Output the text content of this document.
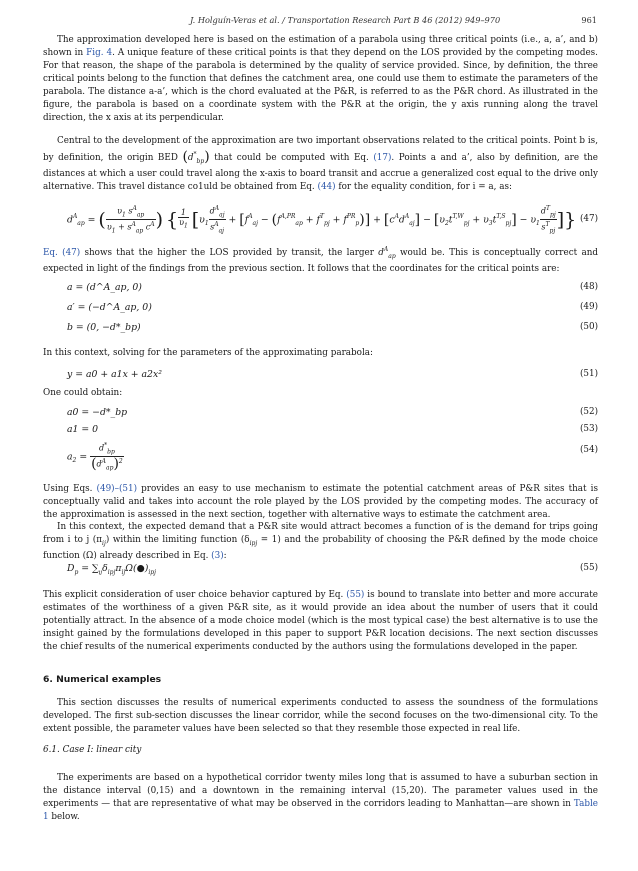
J. Holguín-Veras et al. / Transportation Research Part B 46 (2012) 949–970	961

The approximation developed here is based on the estimation of a parabola using three critical points (i.e., a, a’, and b) shown in Fig. 4. A unique feature of these critical points is that they depend on the LOS provided by the competing modes. For that reason, the shape of the parabola is determined by the quality of service provided. Since, by definition, the three critical points belong to the function that defines the catchment area, one could use them to estimate the parameters of the parabola. The distance a-a’, which is the chord evaluated at the P&R, is referred to as the P&R chord. As illustrated in the figure, the parabola is based on a coordinate system with the P&R at the origin, the y axis running along the travel direction, the x axis at its perpendicular.

Central to the development of the approximation are two important observations related to the critical points. Point b is, by definition, the origin BED $(d^*_{bp})$ that could be computed with Eq. (17). Points a and a’, also by definition, are the distances at which a user could travel along the x-axis to board transit and accrue a generalized cost equal to the drive only alternative. This travel distance co1uld be obtained from Eq. (44) for the equality condition, for i = a, as:

$d^A_{ap}$ = ( $\frac{\upsilon_1 s^A_{ap}}{\upsilon_1 + s^A_{ap} c^A}$ ) { $\frac{1}{\upsilon_1} [\upsilon_1 \frac{d^A_{aj}}{s^A_{aj}} + [f^A_{aj} - (f^{A,PR}_{ap} + f^T_{pj} + f^{PR}_p)] + [c^Ad^A_{aj}] - [\upsilon_2t^{T,W}_{pj} + \upsilon_3t^{T,S}_{pj}] - \upsilon_1 \frac{d^T_{pj}}{s^T_{pj}}$ ]} (47)

Eq. (47) shows that the higher the LOS provided by transit, the larger $d^A_{ap}$ would be. This is conceptually correct and expected in light of the findings from the previous section. It follows that the coordinates for the critical points are:

a = (d^A_ap, 0)	(48)
a′ = (−d^A_ap, 0)	(49)
b = (0, −d*_bp)	(50)

In this context, solving for the parameters of the approximating parabola:

y = a0 + a1x + a2x²	(51)

One could obtain:

a0 = −d*_bp	(52)
a1 = 0	(53)
$a_2 = \frac{d^*_{bp}}{(d^A_{ap})^2}$	(54)

Using Eqs. (49)–(51) provides an easy to use mechanism to estimate the potential catchment areas of P&R sites that is conceptually valid and takes into account the role played by the LOS provided by the competing modes. The accuracy of the approximation is assessed in the next section, together with alternative ways to estimate the catchment area.

In this context, the expected demand that a P&R site would attract becomes a function of is the demand for trips going from i to j $(\pi_{ij})$ within the limiting function $(\delta_{ipj} = 1)$ and the probability of choosing the P&R defined by the mode choice function (Ω) already described in Eq. (3):

$D_p$ = $\sum_{ij}\delta_{ipj}\pi_{ij}\Omega(●)_{ipj}$	(55)

This explicit consideration of user choice behavior captured by Eq. (55) is bound to translate into better and more accurate estimates of the worthiness of a given P&R site, as it would provide an idea about the number of users that it could potentially attract. In the absence of a mode choice model (which is the most typical case) the best alternative is to use the insight gained by the formulations developed in this paper to support P&R location decisions. The next section discusses the chief results of the numerical experiments conducted by the authors using the formulations developed in the paper.

6. Numerical examples

This section discusses the results of numerical experiments conducted to assess the soundness of the formulations developed. The first sub-section discusses the linear corridor, while the second focuses on the two-dimensional city. To the extent possible, the parameter values have been selected so that they resemble those expected in real life.

6.1. Case I: linear city

The experiments are based on a hypothetical corridor twenty miles long that is assumed to have a suburban section in the distance interval (0,15) and a downtown in the remaining interval (15,20). The parameter values used in the experiments — that are representative of what may be observed in the corridors leading to Manhattan—are shown in Table 1 below.
